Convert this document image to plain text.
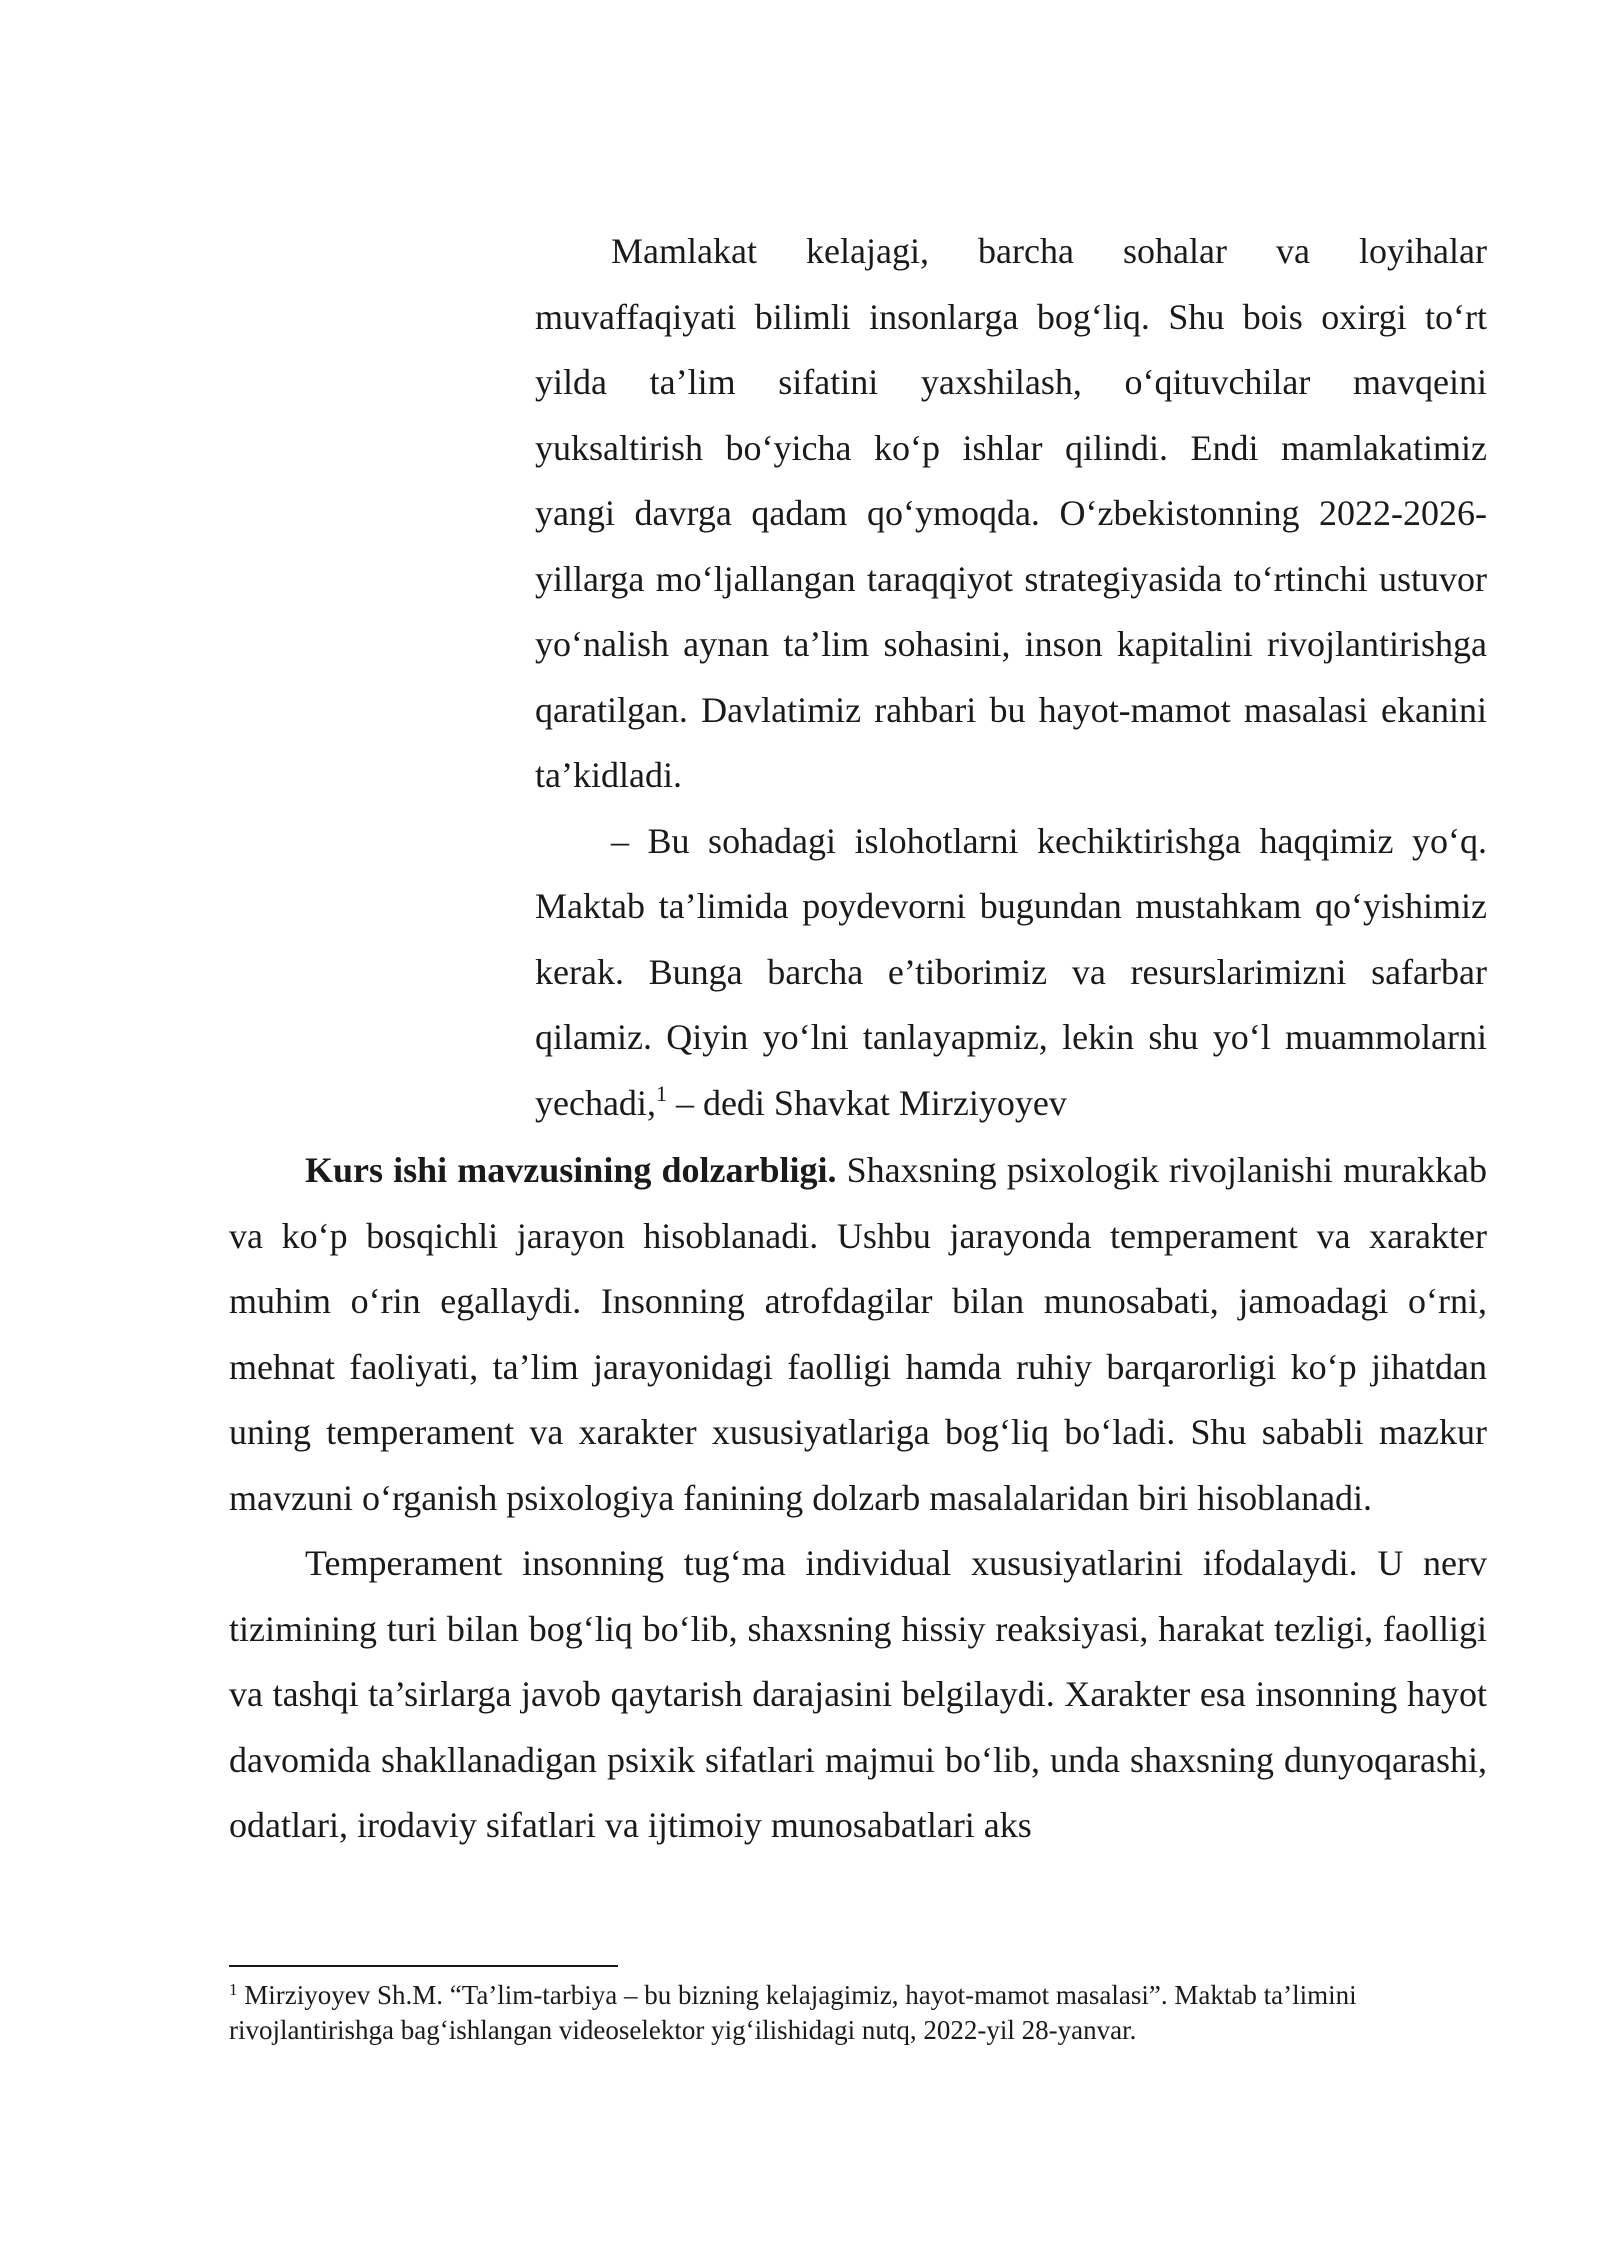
Mamlakat kelajagi, barcha sohalar va loyihalar muvaffaqiyati bilimli insonlarga bog‘liq. Shu bois oxirgi to‘rt yilda ta’lim sifatini yaxshilash, o‘qituvchilar mavqeini yuksaltirish bo‘yicha ko‘p ishlar qilindi. Endi mamlakatimiz yangi davrga qadam qo‘ymoqda. O‘zbekistonning 2022-2026-yillarga mo‘ljallangan taraqqiyot strategiyasida to‘rtinchi ustuvor yo‘nalish aynan ta’lim sohasini, inson kapitalini rivojlantirishga qaratilgan. Davlatimiz rahbari bu hayot-mamot masalasi ekanini ta’kidladi.

– Bu sohadagi islohotlarni kechiktirishga haqqimiz yo‘q. Maktab ta’limida poydevorni bugundan mustahkam qo‘yishimiz kerak. Bunga barcha e’tiborimiz va resurslarimizni safarbar qilamiz. Qiyin yo‘lni tanlayapmiz, lekin shu yo‘l muammolarni yechadi,$^1$ – dedi Shavkat Mirziyoyev

Kurs ishi mavzusining dolzarbligi. Shaxsning psixologik rivojlanishi murakkab va ko‘p bosqichli jarayon hisoblanadi. Ushbu jarayonda temperament va xarakter muhim o‘rin egallaydi. Insonning atrofdagilar bilan munosabati, jamoadagi o‘rni, mehnat faoliyati, ta’lim jarayonidagi faolligi hamda ruhiy barqarorligi ko‘p jihatdan uning temperament va xarakter xususiyatlariga bog‘liq bo‘ladi. Shu sababli mazkur mavzuni o‘rganish psixologiya fanining dolzarb masalalaridan biri hisoblanadi.

Temperament insonning tug‘ma individual xususiyatlarini ifodalaydi. U nerv tizimining turi bilan bog‘liq bo‘lib, shaxsning hissiy reaksiyasi, harakat tezligi, faolligi va tashqi ta’sirlarga javob qaytarish darajasini belgilaydi. Xarakter esa insonning hayot davomida shakllanadigan psixik sifatlari majmui bo‘lib, unda shaxsning dunyoqarashi, odatlari, irodaviy sifatlari va ijtimoiy munosabatlari aks

$^1$ Mirziyoyev Sh.M. “Ta’lim-tarbiya – bu bizning kelajagimiz, hayot-mamot masalasi”. Maktab ta’limini rivojlantirishga bag‘ishlangan videoselektor yig‘ilishidagi nutq, 2022-yil 28-yanvar.
